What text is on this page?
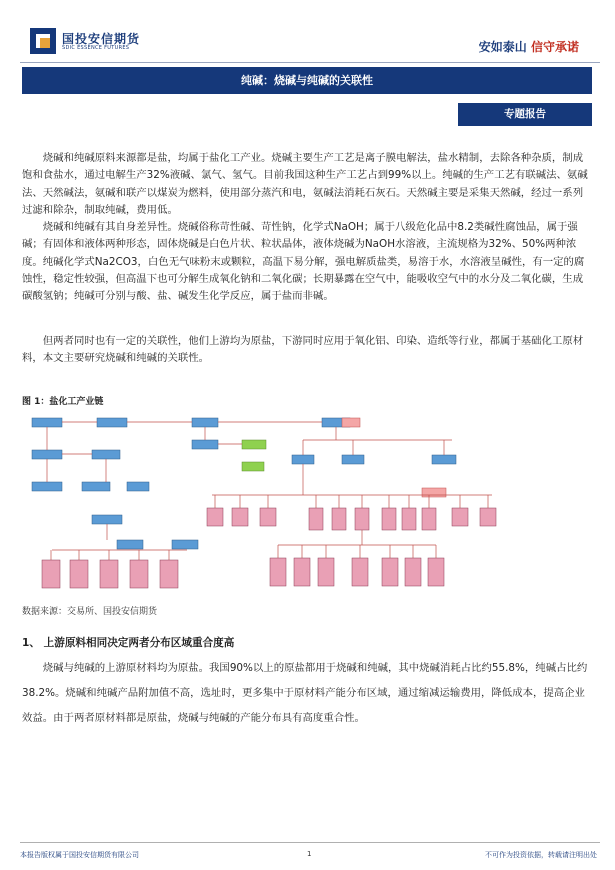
国投安信期货
SDIC ESSENCE FUTURES	安如泰山 信守承诺
纯碱：烧碱与纯碱的关联性
专题报告

烧碱和纯碱原料来源都是盐，均属于盐化工产业。烧碱主要生产工艺是离子膜电解法，盐水精制，去除各种杂质，制成饱和食盐水，通过电解生产32%液碱、氯气、氢气。目前我国这种生产工艺占到99%以上。纯碱的生产工艺有联碱法、氨碱法、天然碱法，氨碱和联产以煤炭为燃料，使用部分蒸汽和电，氨碱法消耗石灰石。天然碱主要是采集天然碱，经过一系列过滤和除杂，制取纯碱，费用低。

烧碱和纯碱有其自身差异性。烧碱俗称苛性碱、苛性钠，化学式NaOH；属于八级危化品中8.2类碱性腐蚀品，属于强碱；有固体和液体两种形态，固体烧碱是白色片状、粒状晶体，液体烧碱为NaOH水溶液，主流规格为32%、50%两种浓度。纯碱化学式Na2CO3，白色无气味粉末或颗粒，高温下易分解，强电解质盐类，易溶于水，水溶液呈碱性，有一定的腐蚀性，稳定性较强，但高温下也可分解生成氧化钠和二氧化碳；长期暴露在空气中，能吸收空气中的水分及二氧化碳，生成碳酸氢钠；纯碱可分别与酸、盐、碱发生化学反应，属于盐而非碱。

但两者同时也有一定的关联性，他们上游均为原盐，下游同时应用于氧化铝、印染、造纸等行业，都属于基础化工原材料，本文主要研究烧碱和纯碱的关联性。

图 1：盐化工产业链
数据来源：交易所、国投安信期货
1、 上游原料相同决定两者分布区域重合度高

烧碱与纯碱的上游原材料均为原盐。我国90%以上的原盐都用于烧碱和纯碱，其中烧碱消耗占比约55.8%，纯碱占比约38.2%。烧碱和纯碱产品附加值不高，选址时，更多集中于原材料产能分布区域，通过缩减运输费用，降低成本，提高企业效益。由于两者原材料都是原盐，烧碱与纯碱的产能分布具有高度重合性。

本报告版权属于国投安信期货有限公司	1	不可作为投资依据，转载请注明出处
